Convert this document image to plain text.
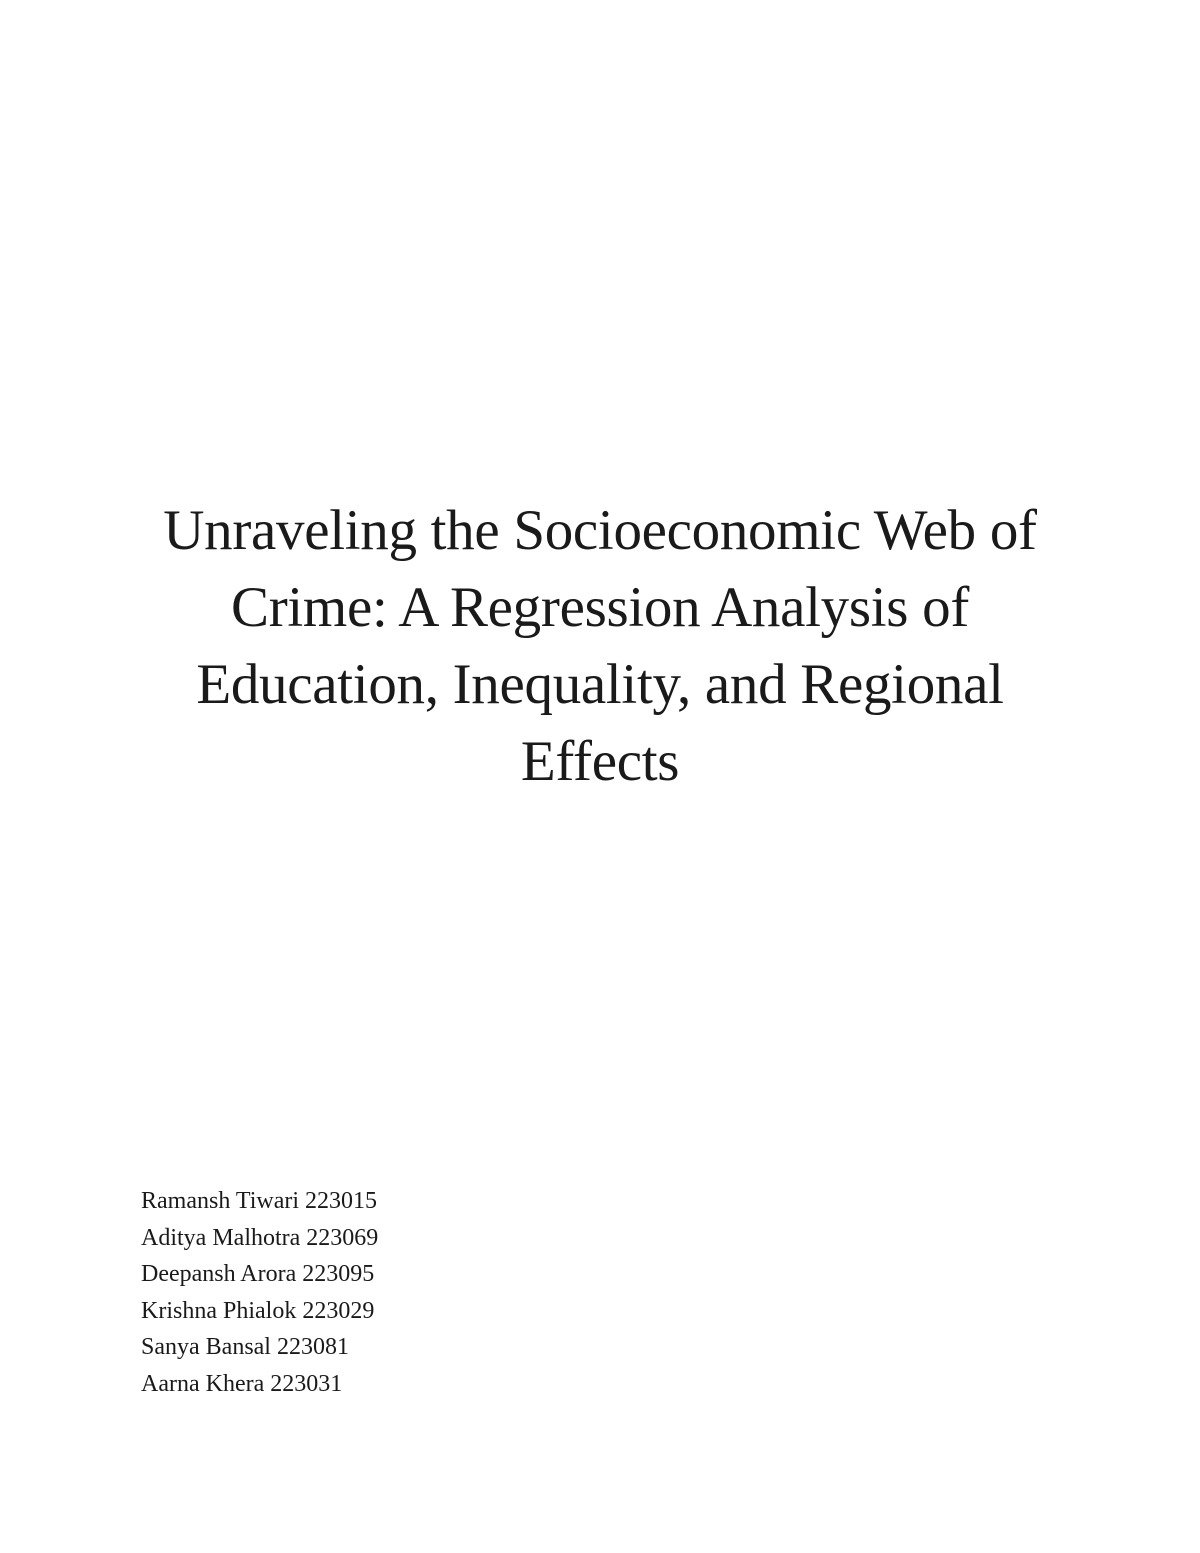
Unraveling the Socioeconomic Web of
Crime: A Regression Analysis of
Education, Inequality, and Regional
Effects
Ramansh Tiwari 223015
Aditya Malhotra 223069
Deepansh Arora 223095
Krishna Phialok 223029
Sanya Bansal 223081
Aarna Khera 223031
